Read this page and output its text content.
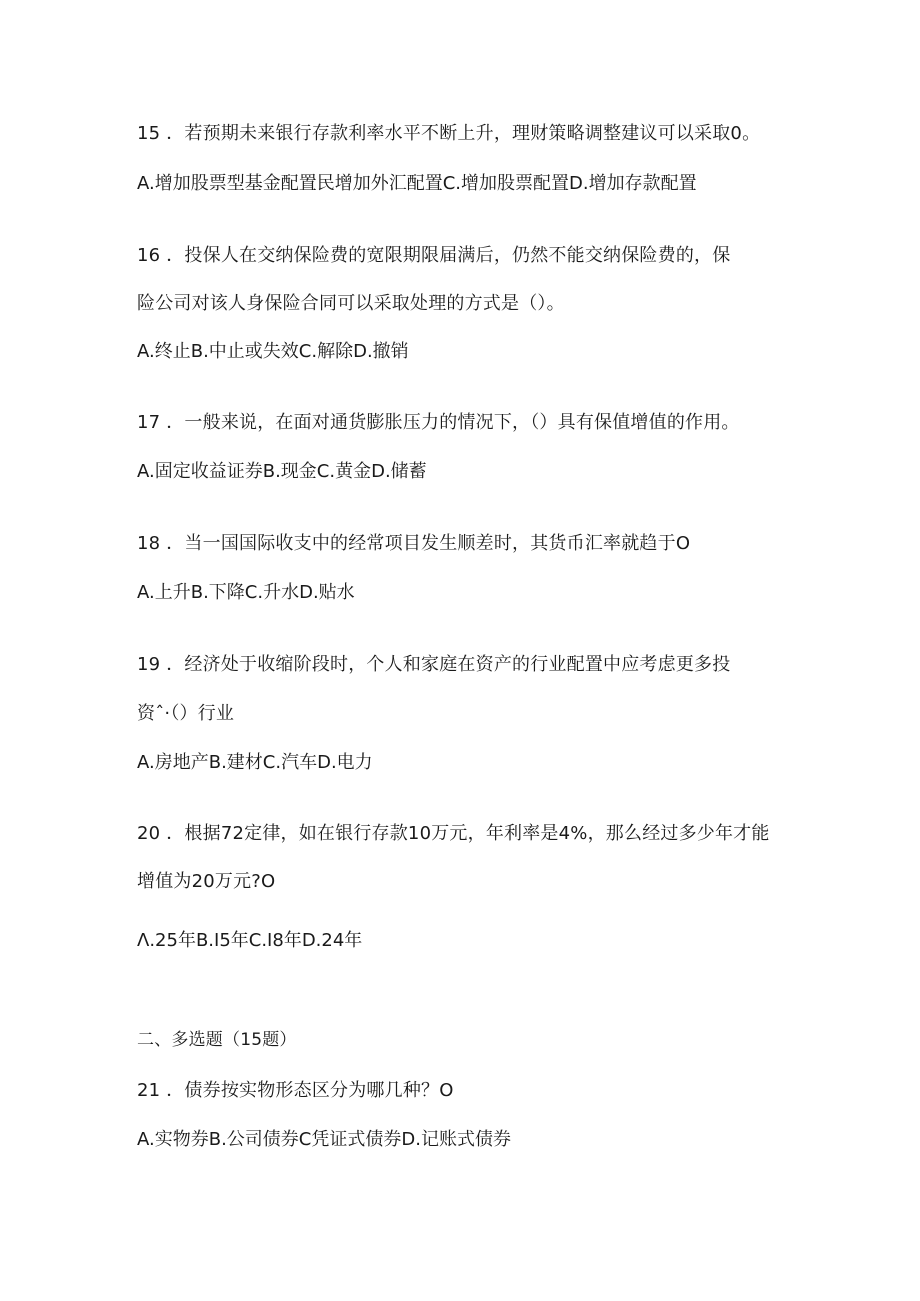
15 ．若预期未来银行存款利率水平不断上升，理财策略调整建议可以采取0。
A.增加股票型基金配置民增加外汇配置C.增加股票配置D.增加存款配置
16 ．投保人在交纳保险费的宽限期限届满后，仍然不能交纳保险费的，保
险公司对该人身保险合同可以采取处理的方式是（）。
A.终止B.中止或失效C.解除D.撤销
17 ．一般来说，在面对通货膨胀压力的情况下，（）具有保值增值的作用。
A.固定收益证券B.现金C.黄金D.储蓄
18 ．当一国国际收支中的经常项目发生顺差时，其货币汇率就趋于O
A.上升B.下降C.升水D.贴水
19 ．经济处于收缩阶段时，个人和家庭在资产的行业配置中应考虑更多投
资ˆ·（）行业
A.房地产B.建材C.汽车D.电力
20 ．根据72定律，如在银行存款10万元，年利率是4%，那么经过多少年才能
增值为20万元?O
Λ.25年B.I5年C.I8年D.24年
二、多选题（15题）
21 ．债券按实物形态区分为哪几种？O
A.实物券B.公司债券C凭证式债券D.记账式债券
